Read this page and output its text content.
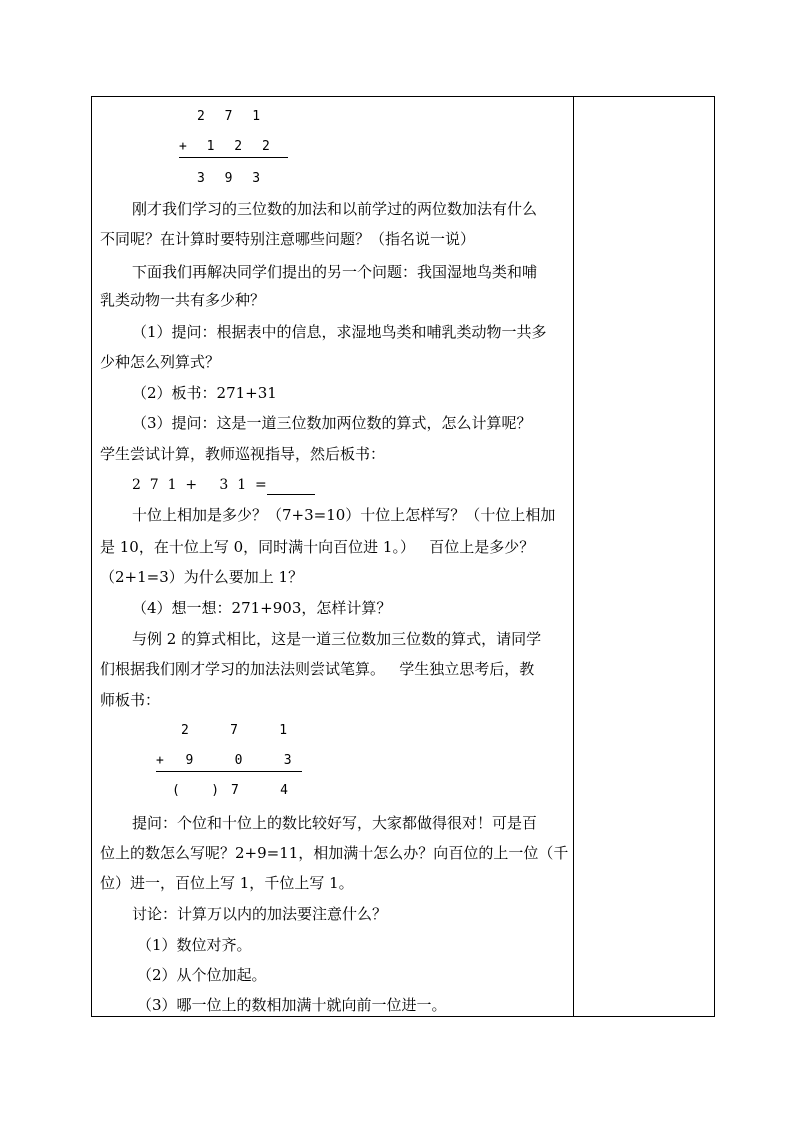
2 7 1
+ 1 2 2
3 9 3
刚才我们学习的三位数的加法和以前学过的两位数加法有什么
不同呢？在计算时要特别注意哪些问题？（指名说一说）
下面我们再解决同学们提出的另一个问题：我国湿地鸟类和哺
乳类动物一共有多少种？
（1）提问：根据表中的信息，求湿地鸟类和哺乳类动物一共多
少种怎么列算式？
（2）板书：271+31
（3）提问：这是一道三位数加两位数的算式，怎么计算呢？
学生尝试计算，教师巡视指导，然后板书：
2  7  1  +     3  1  =
十位上相加是多少？（7+3=10）十位上怎样写？（十位上相加
是 10，在十位上写 0，同时满十向百位进 1。）   百位上是多少？
（2+1=3）为什么要加上 1？
（4）想一想：271+903，怎样计算？
与例 2 的算式相比，这是一道三位数加三位数的算式，请同学
们根据我们刚才学习的加法法则尝试笔算。   学生独立思考后，教
师板书：
2    7    1
+  9    0    3
(   ) 7    4
提问：个位和十位上的数比较好写，大家都做得很对！可是百
位上的数怎么写呢？2+9=11，相加满十怎么办？向百位的上一位（千
位）进一，百位上写 1，千位上写 1。
讨论：计算万以内的加法要注意什么？
（1）数位对齐。
（2）从个位加起。
（3）哪一位上的数相加满十就向前一位进一。
